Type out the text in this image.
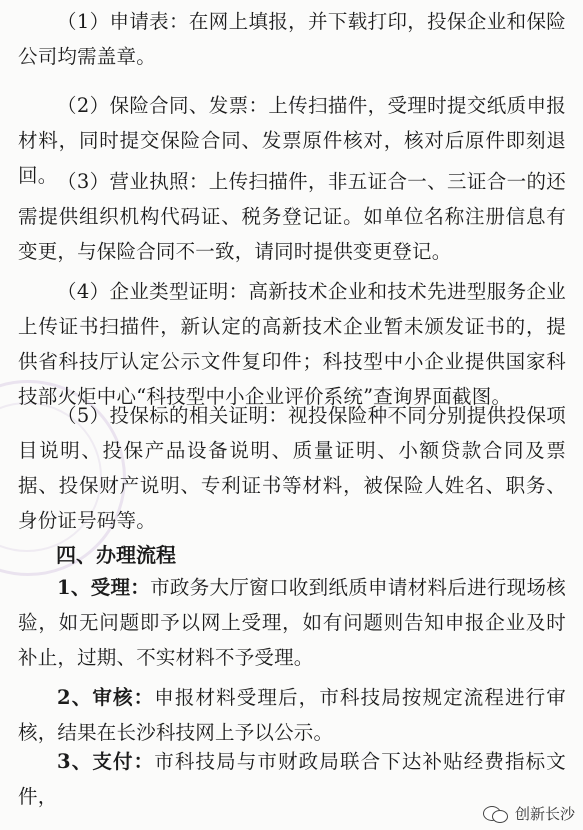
（1）申请表：在网上填报，并下载打印，投保企业和保险公司均需盖章。

（2）保险合同、发票：上传扫描件，受理时提交纸质申报材料，同时提交保险合同、发票原件核对，核对后原件即刻退回。 （3）营业执照：上传扫描件，非五证合一、三证合一的还需提供组织机构代码证、税务登记证。如单位名称注册信息有变更，与保险合同不一致，请同时提供变更登记。

（4）企业类型证明：高新技术企业和技术先进型服务企业上传证书扫描件，新认定的高新技术企业暂未颁发证书的，提供省科技厅认定公示文件复印件；科技型中小企业提供国家科技部火炬中心“科技型中小企业评价系统”查询界面截图。

（5）投保标的相关证明：视投保险种不同分别提供投保项目说明、投保产品设备说明、质量证明、小额贷款合同及票据、投保财产说明、专利证书等材料，被保险人姓名、职务、身份证号码等。

四、办理流程

1、受理：市政务大厅窗口收到纸质申请材料后进行现场核验，如无问题即予以网上受理，如有问题则告知申报企业及时补止，过期、不实材料不予受理。

2、审核：申报材料受理后，市科技局按规定流程进行审核，结果在长沙科技网上予以公示。

3、支付：市科技局与市财政局联合下达补贴经费指标文件，

创新长沙
